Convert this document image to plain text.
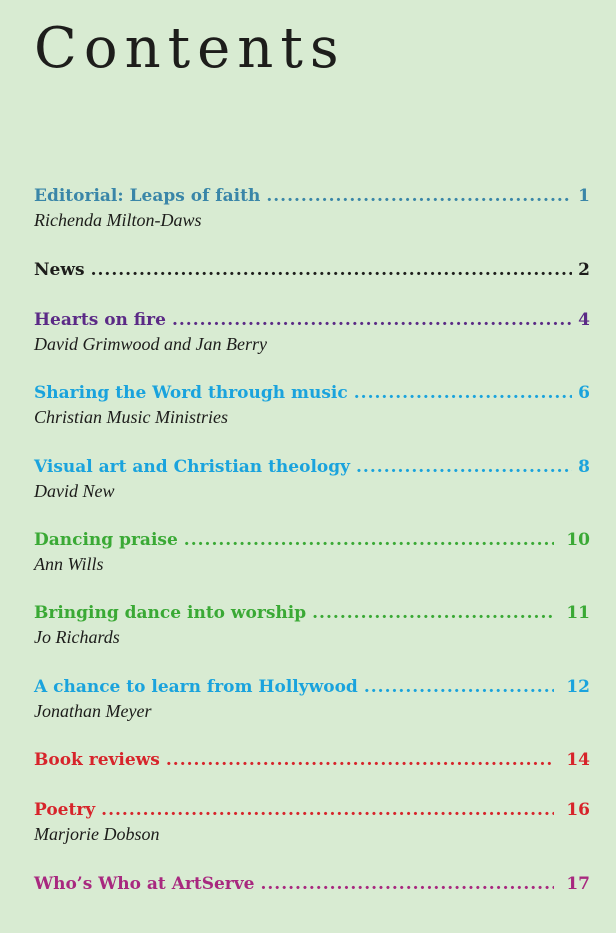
Contents
Editorial: Leaps of faith .....	1
Richenda Milton-Daws
News .....	2
Hearts on fire .....	4
David Grimwood and Jan Berry
Sharing the Word through music .....	6
Christian Music Ministries
Visual art and Christian theology .....	8
David New
Dancing praise .....	10
Ann Wills
Bringing dance into worship .....	11
Jo Richards
A chance to learn from Hollywood .....	12
Jonathan Meyer
Book reviews .....	14
Poetry .....	16
Marjorie Dobson
Who’s Who at ArtServe .....	17
